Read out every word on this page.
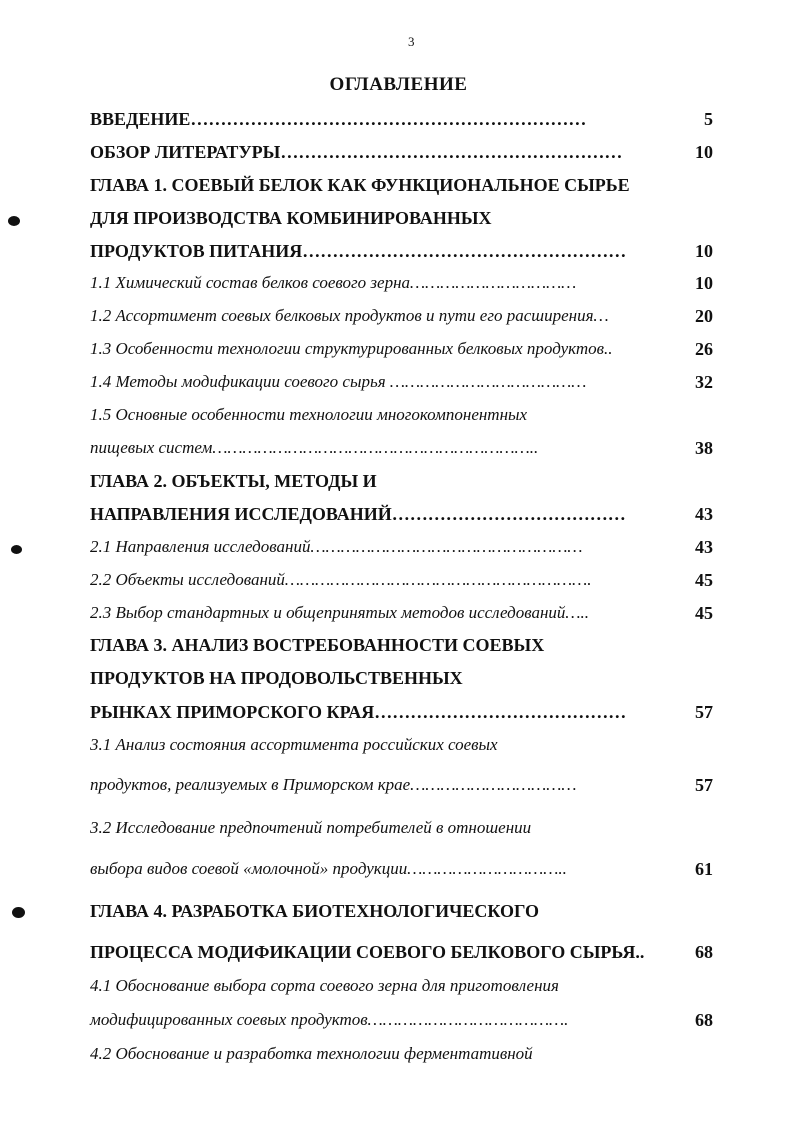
3
ОГЛАВЛЕНИЕ
ВВЕДЕНИЕ…………………………………………………………	5
ОБЗОР ЛИТЕРАТУРЫ…………………………………………………	10
ГЛАВА 1. СОЕВЫЙ БЕЛОК КАК ФУНКЦИОНАЛЬНОЕ СЫРЬЕ
ДЛЯ ПРОИЗВОДСТВА КОМБИНИРОВАННЫХ
ПРОДУКТОВ ПИТАНИЯ………………………………………………	10
1.1 Химический состав белков соевого зерна……………………………	10
1.2 Ассортимент соевых белковых продуктов и пути его расширения…	20
1.3 Особенности технологии структурированных белковых продуктов..	26
1.4 Методы модификации соевого сырья …………………………………	32
1.5 Основные особенности технологии многокомпонентных
пищевых систем………………………………………………………..	38
ГЛАВА 2. ОБЪЕКТЫ, МЕТОДЫ И
НАПРАВЛЕНИЯ ИССЛЕДОВАНИЙ…………………………………	43
2.1 Направления исследований………………………………………………	43
2.2 Объекты исследований…………………………………………………….	45
2.3 Выбор стандартных и общепринятых методов исследований…..	45
ГЛАВА 3. АНАЛИЗ ВОСТРЕБОВАННОСТИ СОЕВЫХ
ПРОДУКТОВ НА ПРОДОВОЛЬСТВЕННЫХ
РЫНКАХ ПРИМОРСКОГО КРАЯ……………………………………	57
3.1 Анализ состояния ассортимента российских соевых
продуктов, реализуемых в Приморском крае……………………………	57
3.2 Исследование предпочтений потребителей в отношении
выбора видов соевой «молочной» продукции…………………………..	61
ГЛАВА 4. РАЗРАБОТКА БИОТЕХНОЛОГИЧЕСКОГО
ПРОЦЕССА МОДИФИКАЦИИ СОЕВОГО БЕЛКОВОГО СЫРЬЯ..	68
4.1 Обоснование выбора сорта соевого зерна для приготовления
модифицированных соевых продуктов………………………………….	68
4.2 Обоснование и разработка технологии ферментативной
